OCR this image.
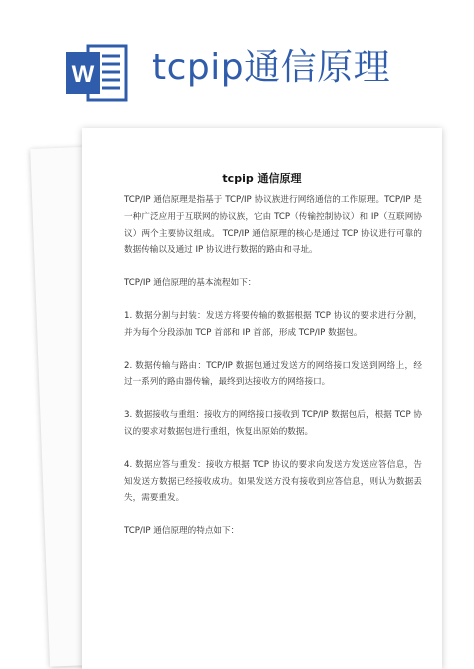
W tcpip通信原理
tcpip 通信原理

TCP/IP 通信原理是指基于 TCP/IP 协议族进行网络通信的工作原理。TCP/IP 是一种广泛应用于互联网的协议族，它由 TCP（传输控制协议）和 IP（互联网协议）两个主要协议组成。 TCP/IP 通信原理的核心是通过 TCP 协议进行可靠的数据传输以及通过 IP 协议进行数据的路由和寻址。

TCP/IP 通信原理的基本流程如下：

1. 数据分割与封装：发送方将要传输的数据根据 TCP 协议的要求进行分割，并为每个分段添加 TCP 首部和 IP 首部，形成 TCP/IP 数据包。

2. 数据传输与路由：TCP/IP 数据包通过发送方的网络接口发送到网络上，经过一系列的路由器传输，最终到达接收方的网络接口。

3. 数据接收与重组：接收方的网络接口接收到 TCP/IP 数据包后，根据 TCP 协议的要求对数据包进行重组，恢复出原始的数据。

4. 数据应答与重发：接收方根据 TCP 协议的要求向发送方发送应答信息，告知发送方数据已经接收成功。如果发送方没有接收到应答信息，则认为数据丢失，需要重发。

TCP/IP 通信原理的特点如下：
